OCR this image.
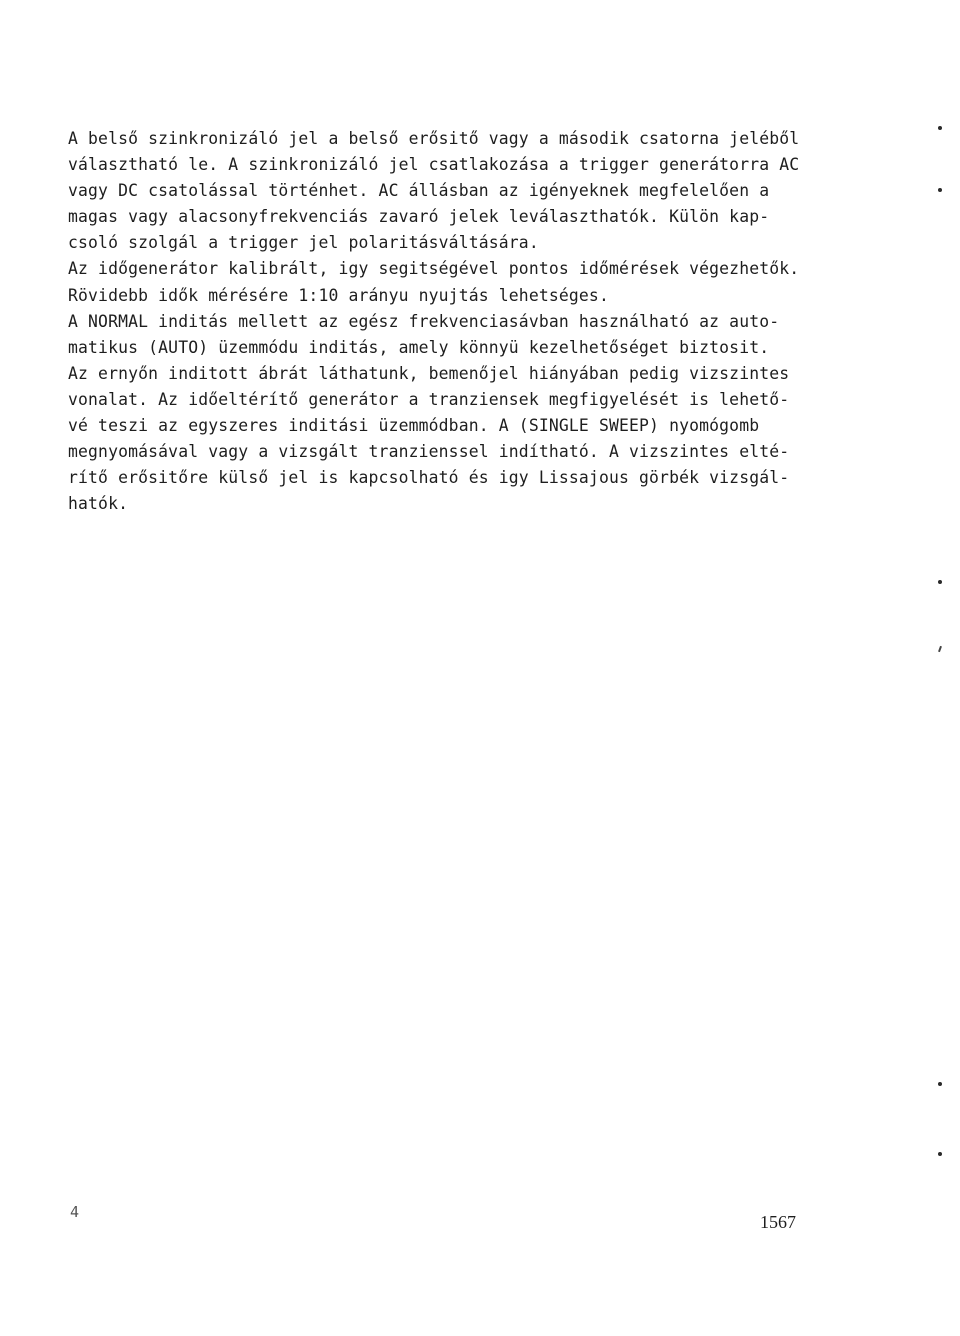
A belső szinkronizáló jel a belső erősitő vagy a második csatorna jeléből
választható le. A szinkronizáló jel csatlakozása a trigger generátorra AC
vagy DC csatolással történhet. AC állásban az igényeknek megfelelően a
magas vagy alacsonyfrekvenciás zavaró jelek leválaszthatók. Külön kap-
csoló szolgál a trigger jel polaritásváltására.
Az időgenerátor kalibrált, igy segitségével pontos időmérések végezhetők.
Rövidebb idők mérésére 1:10 arányu nyujtás lehetséges.
A NORMAL inditás mellett az egész frekvenciasávban használható az auto-
matikus (AUTO) üzemmódu inditás, amely könnyü kezelhetőséget biztosit.
Az ernyőn inditott ábrát láthatunk, bemenőjel hiányában pedig vizszintes
vonalat. Az időeltérítő generátor a tranziensek megfigyelését is lehető-
vé teszi az egyszeres inditási üzemmódban. A (SINGLE SWEEP) nyomógomb
megnyomásával vagy a vizsgált tranzienssel indítható. A vizszintes elté-
rítő erősitőre külső jel is kapcsolható és igy Lissajous görbék vizsgál-
hatók.
4	1567
